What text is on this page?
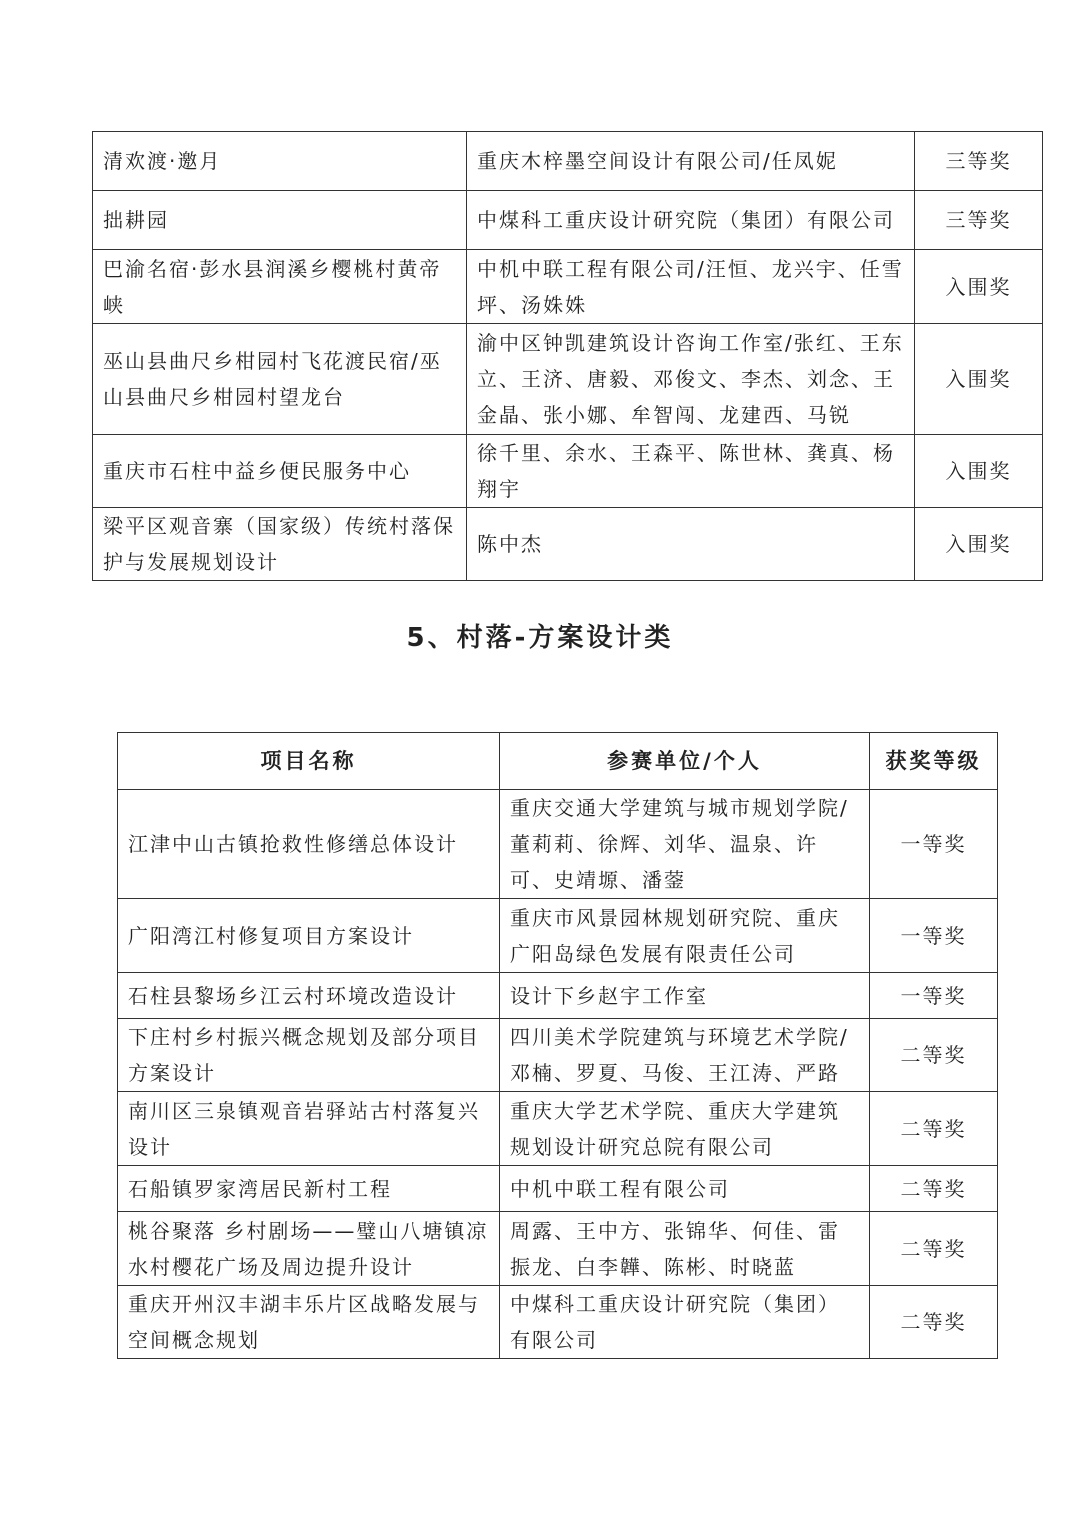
清欢渡·邀月	重庆木梓墨空间设计有限公司/任凤妮	三等奖
拙耕园	中煤科工重庆设计研究院（集团）有限公司	三等奖
巴渝名宿·彭水县润溪乡樱桃村黄帝峡	中机中联工程有限公司/汪恒、龙兴宇、任雪坪、汤姝姝	入围奖
巫山县曲尺乡柑园村飞花渡民宿/巫山县曲尺乡柑园村望龙台	渝中区钟凯建筑设计咨询工作室/张红、王东立、王济、唐毅、邓俊文、李杰、刘念、王金晶、张小娜、牟智闯、龙建西、马锐	入围奖
重庆市石柱中益乡便民服务中心	徐千里、余水、王森平、陈世林、龚真、杨翔宇	入围奖
梁平区观音寨（国家级）传统村落保护与发展规划设计	陈中杰	入围奖
5、村落-方案设计类
项目名称	参赛单位/个人	获奖等级
江津中山古镇抢救性修缮总体设计	重庆交通大学建筑与城市规划学院/董莉莉、徐辉、刘华、温泉、许可、史靖塬、潘蓥	一等奖
广阳湾江村修复项目方案设计	重庆市风景园林规划研究院、重庆广阳岛绿色发展有限责任公司	一等奖
石柱县黎场乡江云村环境改造设计	设计下乡赵宇工作室	一等奖
下庄村乡村振兴概念规划及部分项目方案设计	四川美术学院建筑与环境艺术学院/邓楠、罗夏、马俊、王江涛、严路	二等奖
南川区三泉镇观音岩驿站古村落复兴设计	重庆大学艺术学院、重庆大学建筑规划设计研究总院有限公司	二等奖
石船镇罗家湾居民新村工程	中机中联工程有限公司	二等奖
桃谷聚落 乡村剧场——璧山八塘镇凉水村樱花广场及周边提升设计	周露、王中方、张锦华、何佳、雷振龙、白李韡、陈彬、时晓蓝	二等奖
重庆开州汉丰湖丰乐片区战略发展与空间概念规划	中煤科工重庆设计研究院（集团）有限公司	二等奖
